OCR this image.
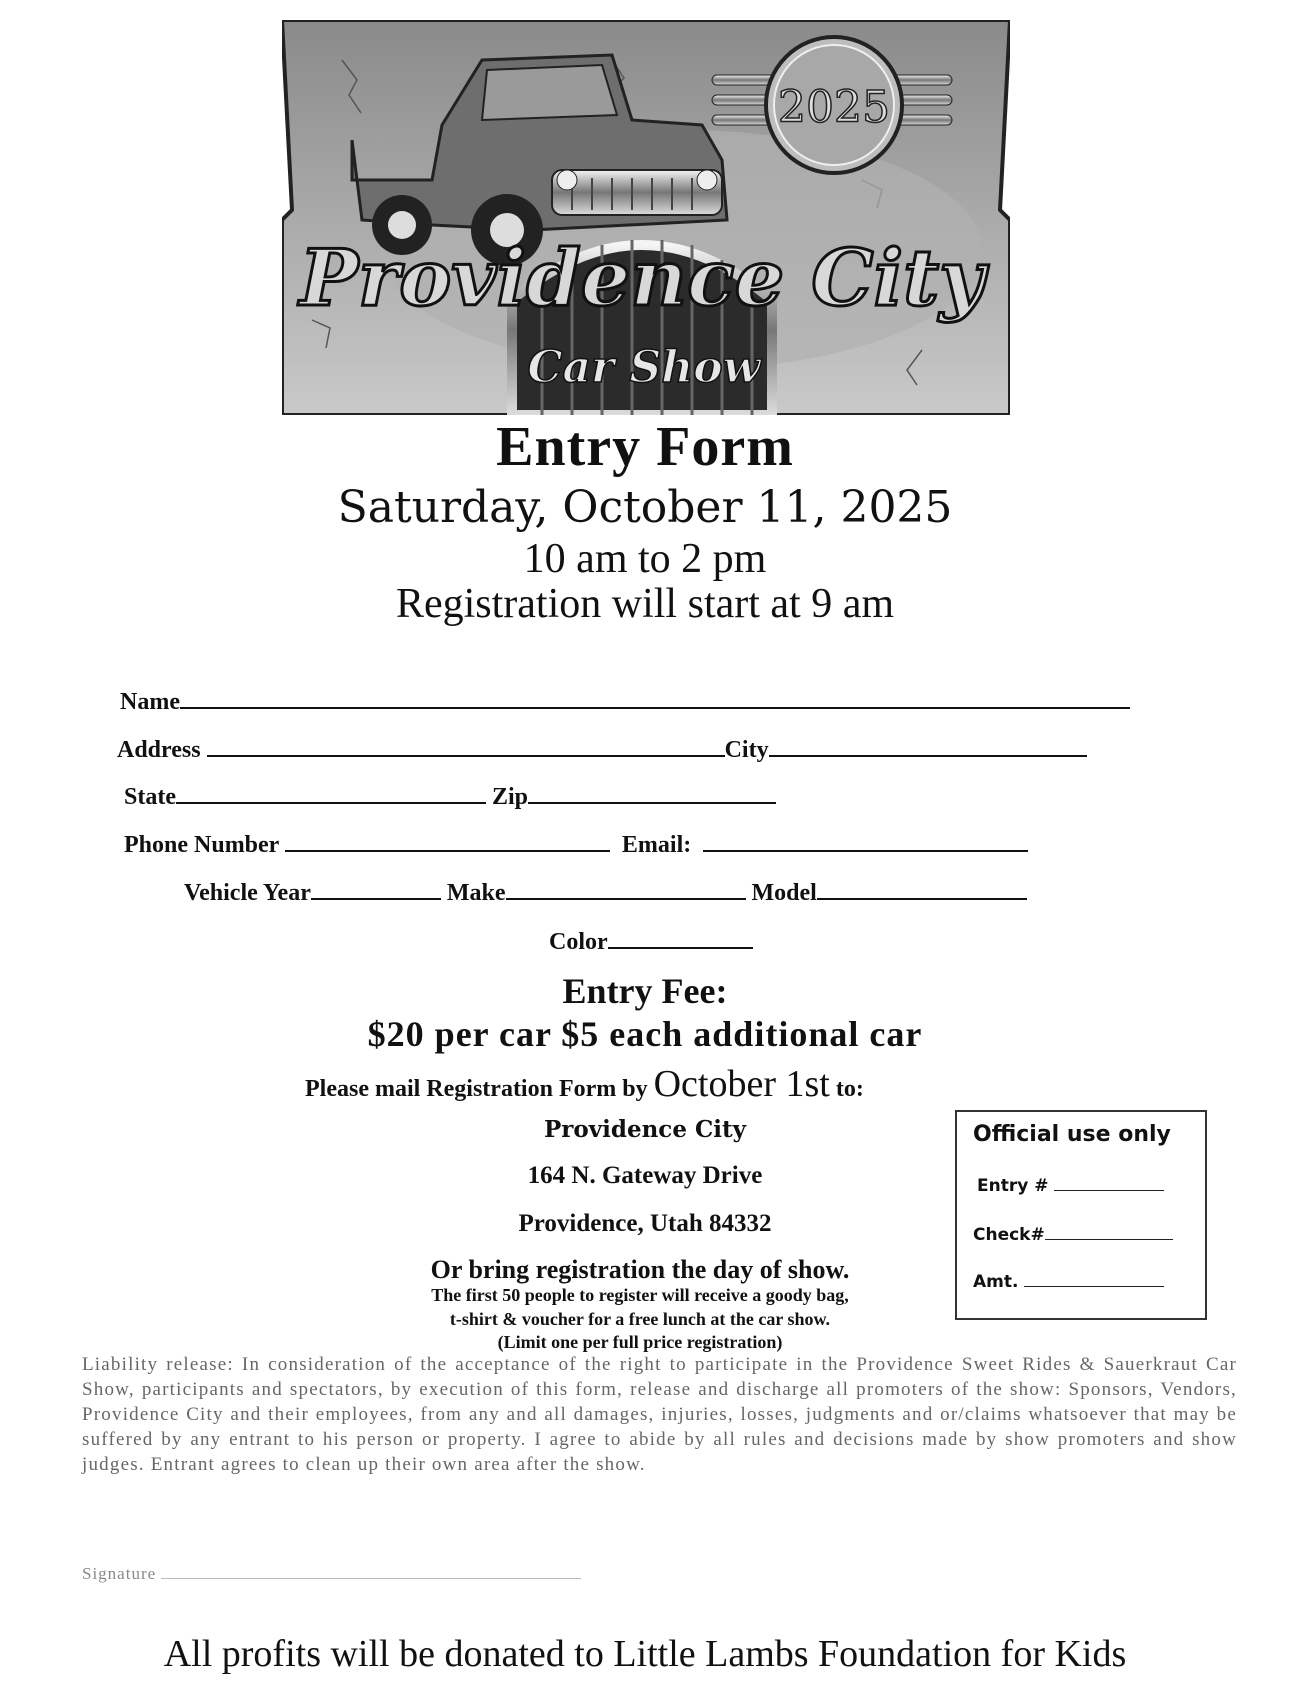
2025
Providence City
Car Show
Entry Form
Saturday, October 11, 2025
10 am to 2 pm
Registration will start at 9 am
Name
Address	City
State	Zip
Phone Number	Email:
Vehicle Year	Make	Model
Color
Entry Fee:
$20 per car $5 each additional car
Please mail Registration Form by October 1st to:
Providence City
164 N. Gateway Drive
Providence, Utah 84332
Official use only
Entry #
Check#
Amt.
Or bring registration the day of show.
The first 50 people to register will receive a goody bag,
t-shirt & voucher for a free lunch at the car show.
(Limit one per full price registration)
Liability release: In consideration of the acceptance of the right to participate in the Providence Sweet Rides & Sauerkraut Car Show, participants and spectators, by execution of this form, release and discharge all promoters of the show: Sponsors, Vendors, Providence City and their employees, from any and all damages, injuries, losses, judgments and or/claims whatsoever that may be suffered by any entrant to his person or property. I agree to abide by all rules and decisions made by show promoters and show judges. Entrant agrees to clean up their own area after the show.
Signature
All profits will be donated to Little Lambs Foundation for Kids
